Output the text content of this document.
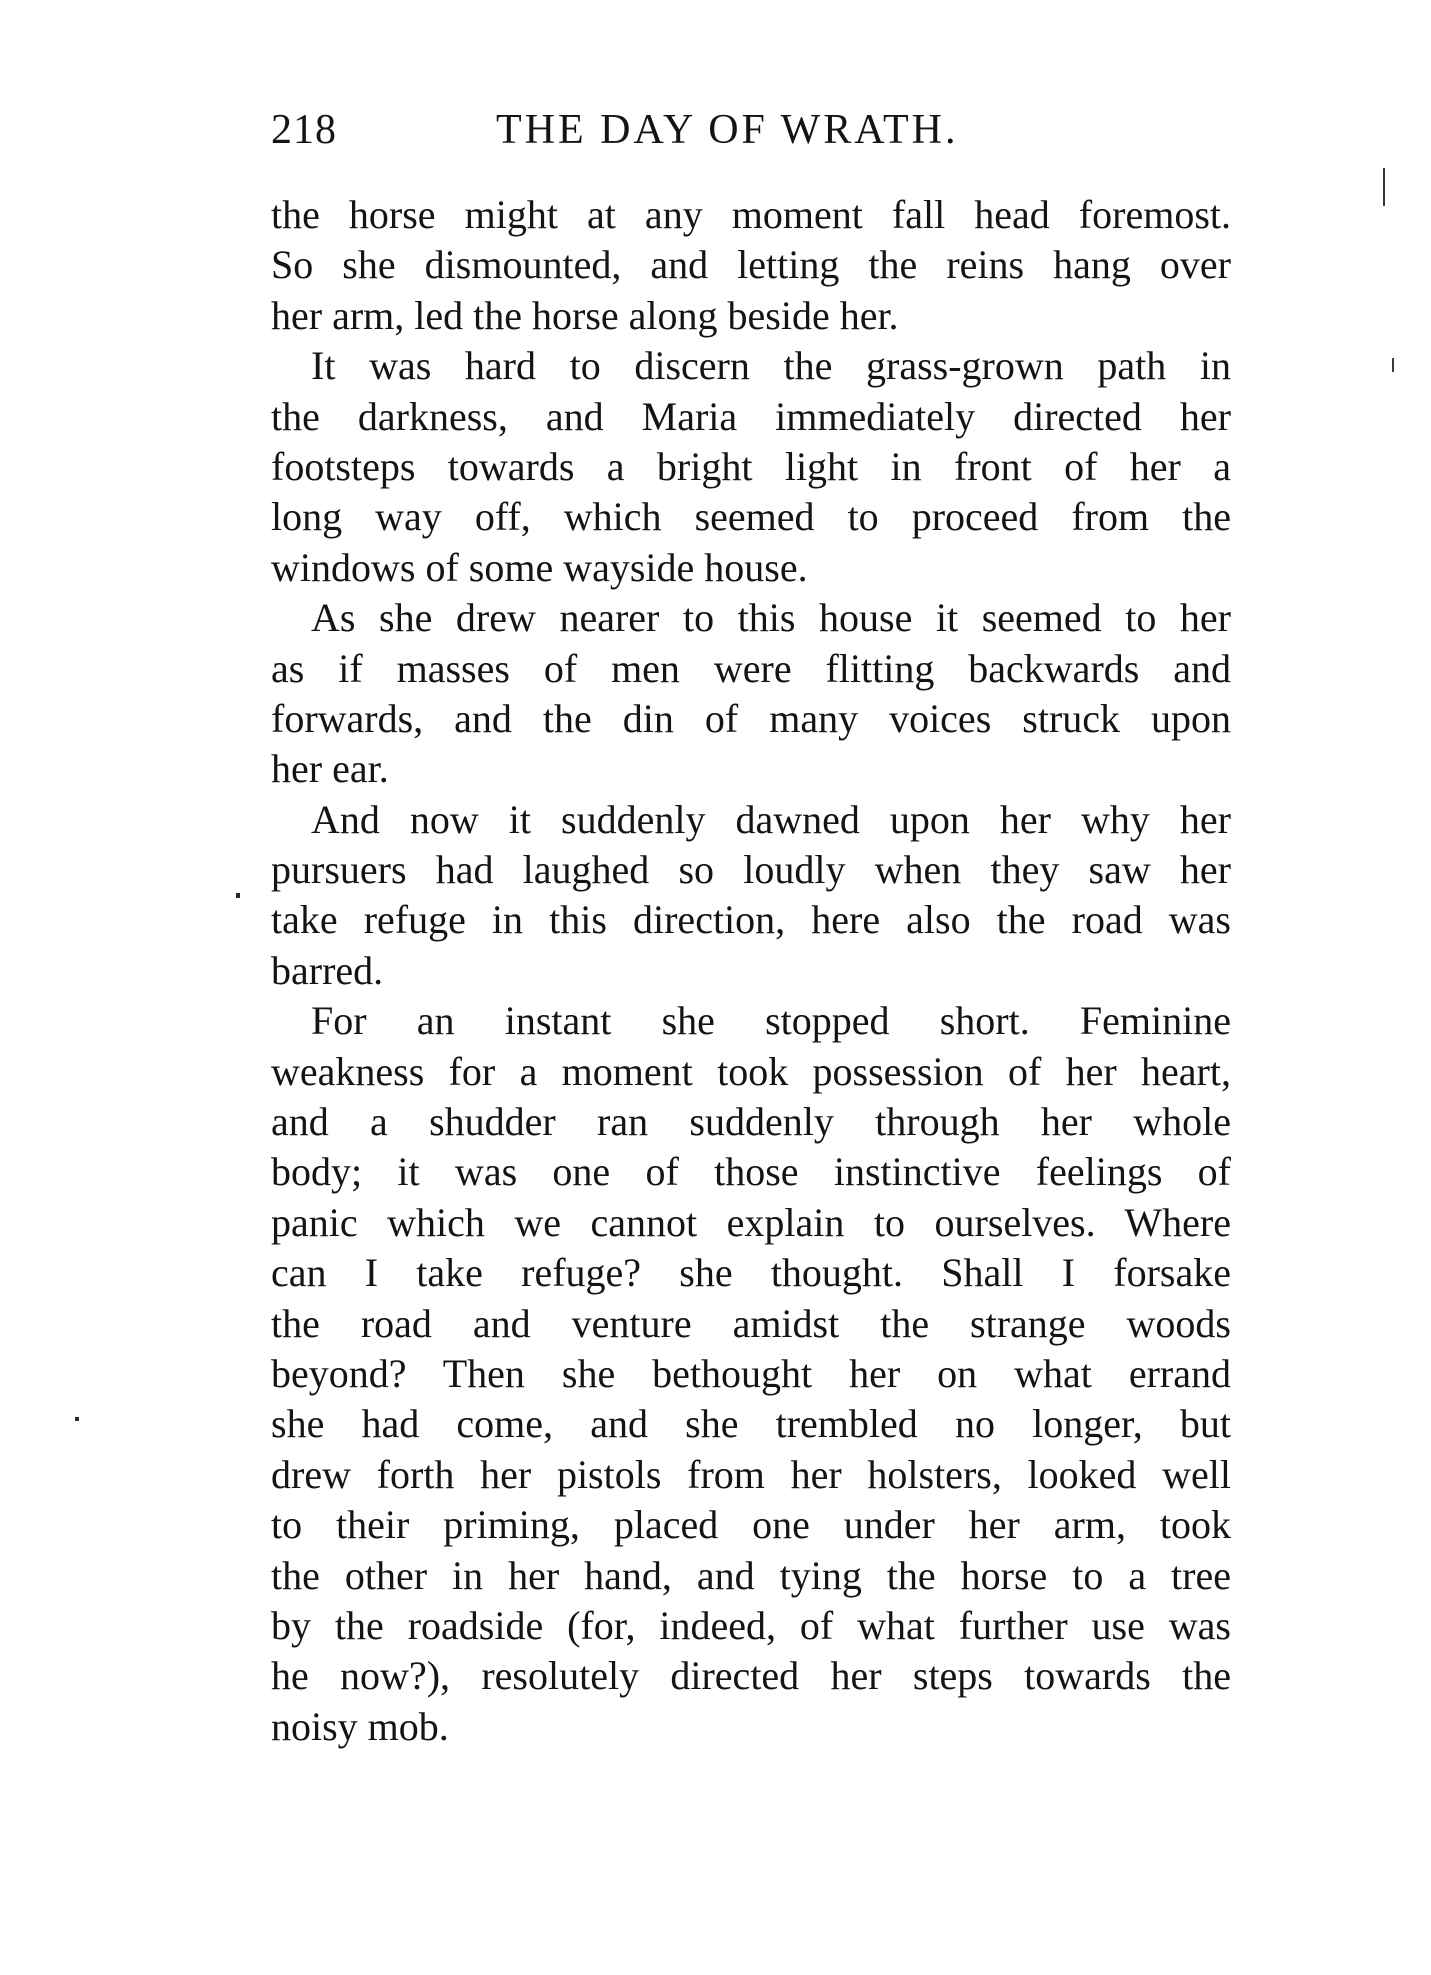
218	THE DAY OF WRATH.
the horse might at any moment fall head foremost.
So she dismounted, and letting the reins hang over
her arm, led the horse along beside her.
It was hard to discern the grass-grown path in
the darkness, and Maria immediately directed her
footsteps towards a bright light in front of her a
long way off, which seemed to proceed from the
windows of some wayside house.
As she drew nearer to this house it seemed to her
as if masses of men were flitting backwards and
forwards, and the din of many voices struck upon
her ear.
And now it suddenly dawned upon her why her
pursuers had laughed so loudly when they saw her
take refuge in this direction, here also the road was
barred.
For an instant she stopped short. Feminine
weakness for a moment took possession of her heart,
and a shudder ran suddenly through her whole
body; it was one of those instinctive feelings of
panic which we cannot explain to ourselves. Where
can I take refuge? she thought. Shall I forsake
the road and venture amidst the strange woods
beyond? Then she bethought her on what errand
she had come, and she trembled no longer, but
drew forth her pistols from her holsters, looked well
to their priming, placed one under her arm, took
the other in her hand, and tying the horse to a tree
by the roadside (for, indeed, of what further use was
he now?), resolutely directed her steps towards the
noisy mob.
